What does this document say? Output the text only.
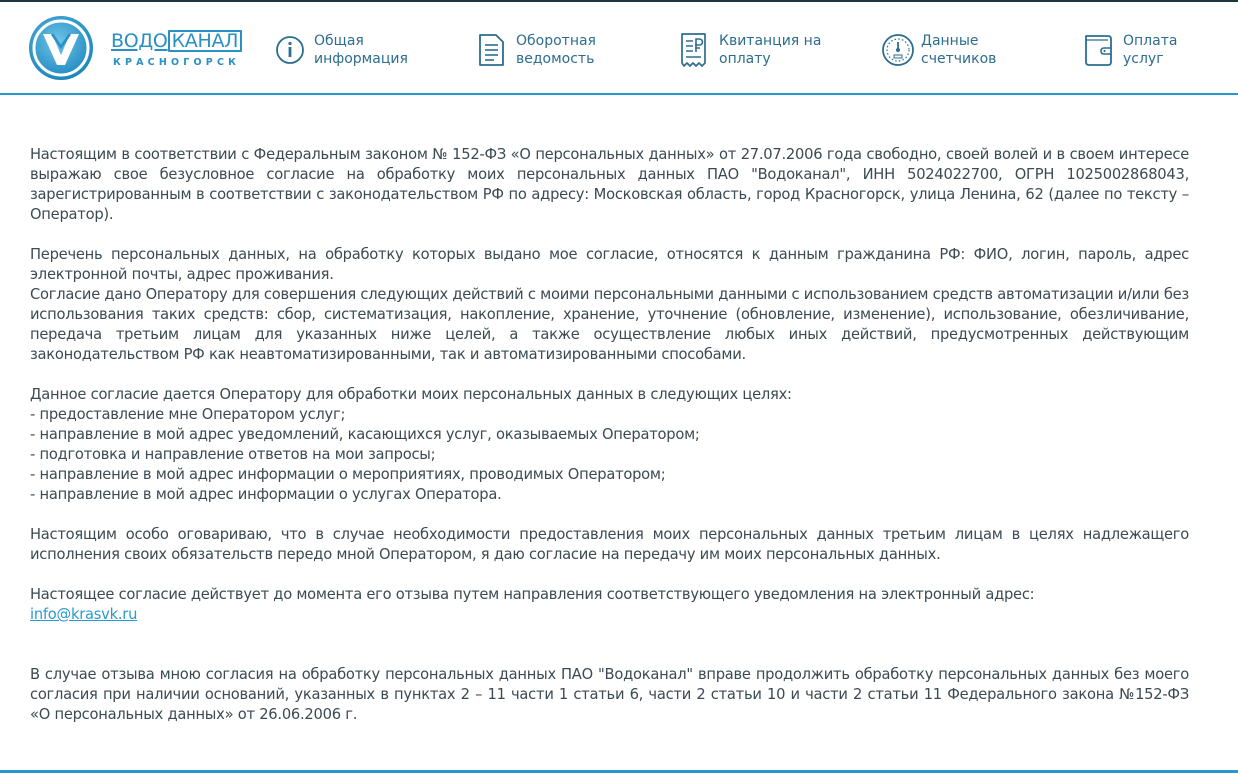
ВОДО КАНАЛ
КРАСНОГОРСК
Общая
информация
Оборотная
ведомость
Квитанция на
оплату
Данные
счетчиков
Оплата
услуг

Настоящим в соответствии с Федеральным законом № 152-ФЗ «О персональных данных» от 27.07.2006 года свободно, своей волей и в своем интересе выражаю свое безусловное согласие на обработку моих персональных данных ПАО "Водоканал", ИНН 5024022700, ОГРН 1025002868043, зарегистрированным в соответствии с законодательством РФ по адресу: Московская область, город Красногорск, улица Ленина, 62 (далее по тексту – Оператор).

Перечень персональных данных, на обработку которых выдано мое согласие, относятся к данным гражданина РФ: ФИО, логин, пароль, адрес электронной почты, адрес проживания.

Согласие дано Оператору для совершения следующих действий с моими персональными данными с использованием средств автоматизации и/или без использования таких средств: сбор, систематизация, накопление, хранение, уточнение (обновление, изменение), использование, обезличивание, передача третьим лицам для указанных ниже целей, а также осуществление любых иных действий, предусмотренных действующим законодательством РФ как неавтоматизированными, так и автоматизированными способами.

Данное согласие дается Оператору для обработки моих персональных данных в следующих целях:

- предоставление мне Оператором услуг;
- направление в мой адрес уведомлений, касающихся услуг, оказываемых Оператором;
- подготовка и направление ответов на мои запросы;
- направление в мой адрес информации о мероприятиях, проводимых Оператором;
- направление в мой адрес информации о услугах Оператора.

Настоящим особо оговариваю, что в случае необходимости предоставления моих персональных данных третьим лицам в целях надлежащего исполнения своих обязательств передо мной Оператором, я даю согласие на передачу им моих персональных данных.

Настоящее согласие действует до момента его отзыва путем направления соответствующего уведомления на электронный адрес:

info@krasvk.ru

В случае отзыва мною согласия на обработку персональных данных ПАО "Водоканал" вправе продолжить обработку персональных данных без моего согласия при наличии оснований, указанных в пунктах 2 – 11 части 1 статьи 6, части 2 статьи 10 и части 2 статьи 11 Федерального закона №152-ФЗ «О персональных данных» от 26.06.2006 г.
